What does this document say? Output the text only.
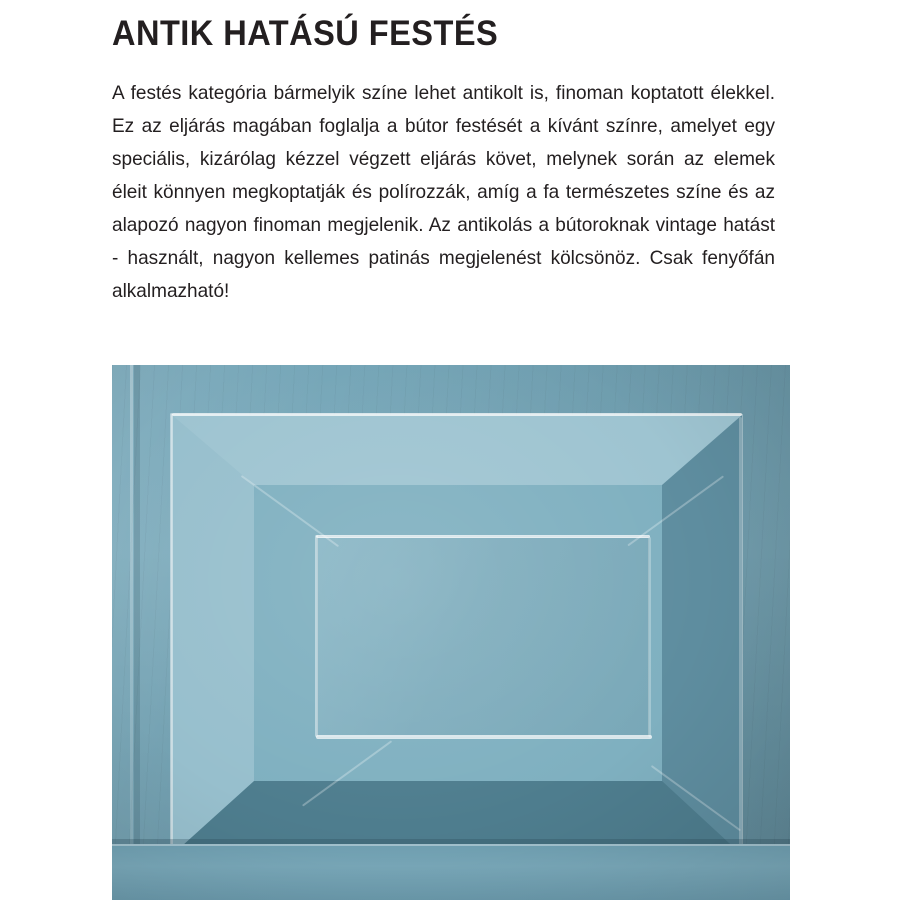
ANTIK HATÁSÚ FESTÉS

A festés kategória bármelyik színe lehet antikolt is, finoman koptatott élekkel. Ez az eljárás magában foglalja a bútor festését a kívánt színre, amelyet egy speciális, kizárólag kézzel végzett eljárás követ, melynek során az elemek éleit könnyen megkoptatják és polírozzák, amíg a fa természetes színe és az alapozó nagyon finoman megjelenik. Az antikolás a bútoroknak vintage hatást - használt, nagyon kellemes patinás megjelenést kölcsönöz. Csak fenyőfán alkalmazható!
